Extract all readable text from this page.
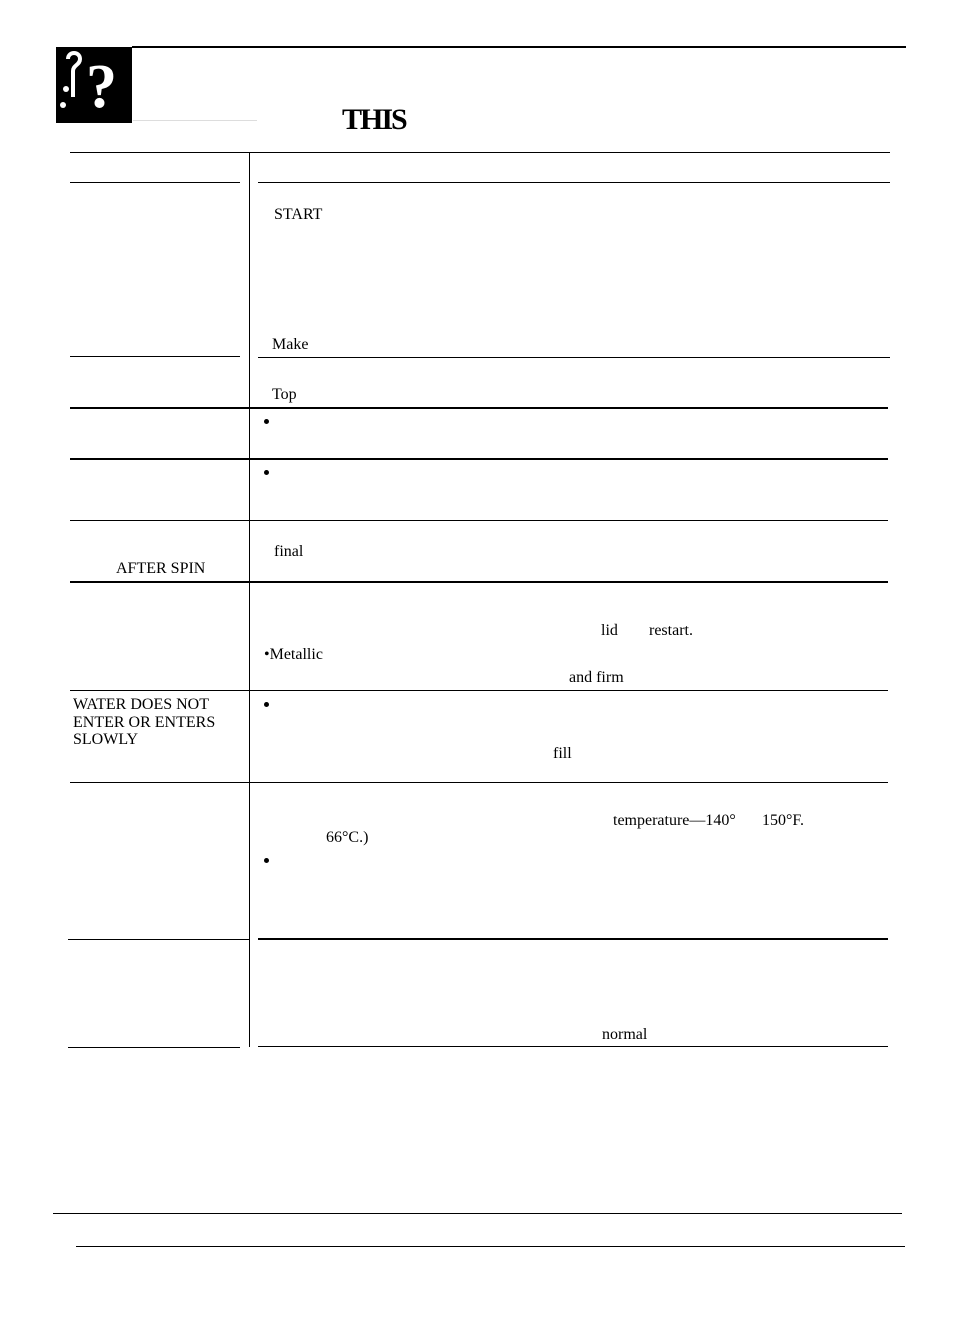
?	THIS
START
Make
Top
final
lid restart.
•Metallic
and firm
fill
temperature—140° 150°F.
66°C.)
normal
AFTER SPIN
WATER DOES NOT
ENTER OR ENTERS
SLOWLY
